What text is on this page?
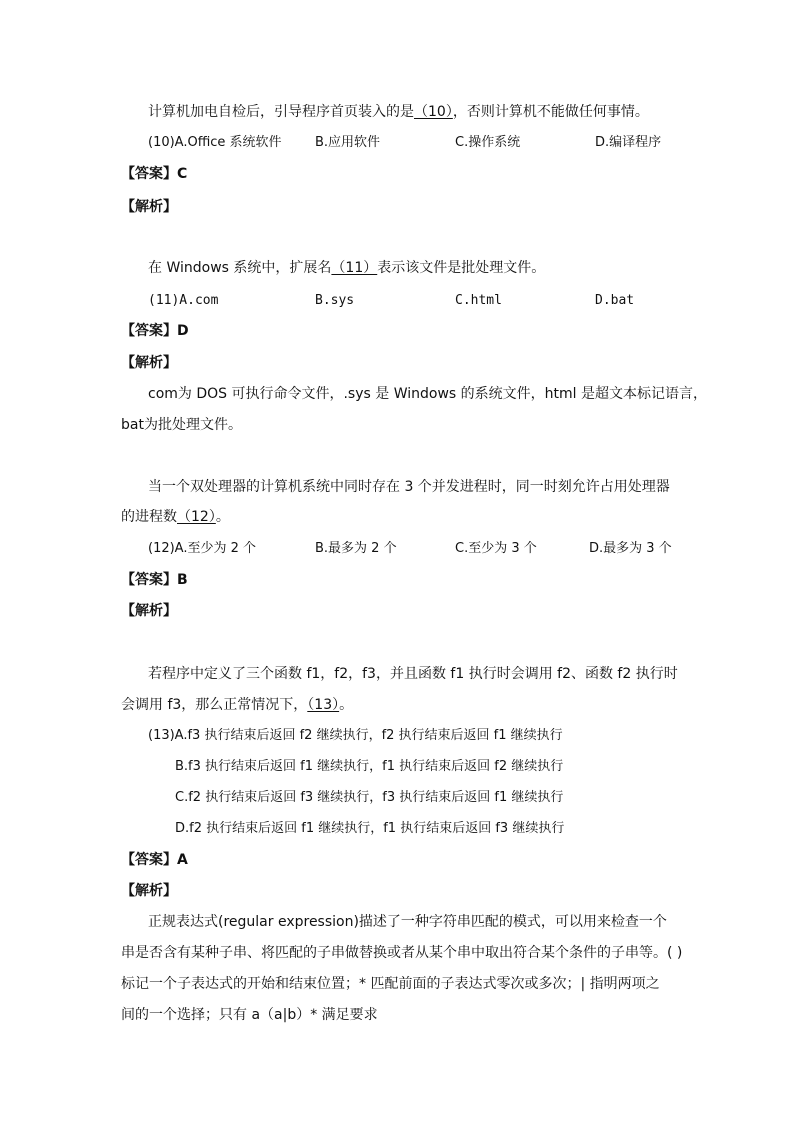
计算机加电自检后，引导程序首页装入的是（10），否则计算机不能做任何事情。
(10)A.Office 系统软件	B.应用软件	C.操作系统	D.编译程序
【答案】C
【解析】
在 Windows 系统中，扩展名（11）表示该文件是批处理文件。
(11)A.com	B.sys	C.html	D.bat
【答案】D
【解析】
com为 DOS 可执行命令文件，.sys 是 Windows 的系统文件，html 是超文本标记语言，
bat为批处理文件。
当一个双处理器的计算机系统中同时存在 3 个并发进程时，同一时刻允许占用处理器
的进程数（12）。
(12)A.至少为 2 个	B.最多为 2 个	C.至少为 3 个	D.最多为 3 个
【答案】B
【解析】
若程序中定义了三个函数 f1，f2，f3，并且函数 f1 执行时会调用 f2、函数 f2 执行时
会调用 f3，那么正常情况下，（13）。
(13)A.f3 执行结束后返回 f2 继续执行，f2 执行结束后返回 f1 继续执行
B.f3 执行结束后返回 f1 继续执行，f1 执行结束后返回 f2 继续执行
C.f2 执行结束后返回 f3 继续执行，f3 执行结束后返回 f1 继续执行
D.f2 执行结束后返回 f1 继续执行，f1 执行结束后返回 f3 继续执行
【答案】A
【解析】
正规表达式(regular expression)描述了一种字符串匹配的模式，可以用来检查一个
串是否含有某种子串、将匹配的子串做替换或者从某个串中取出符合某个条件的子串等。( )
标记一个子表达式的开始和结束位置；* 匹配前面的子表达式零次或多次；| 指明两项之
间的一个选择；只有 a（a|b）* 满足要求
